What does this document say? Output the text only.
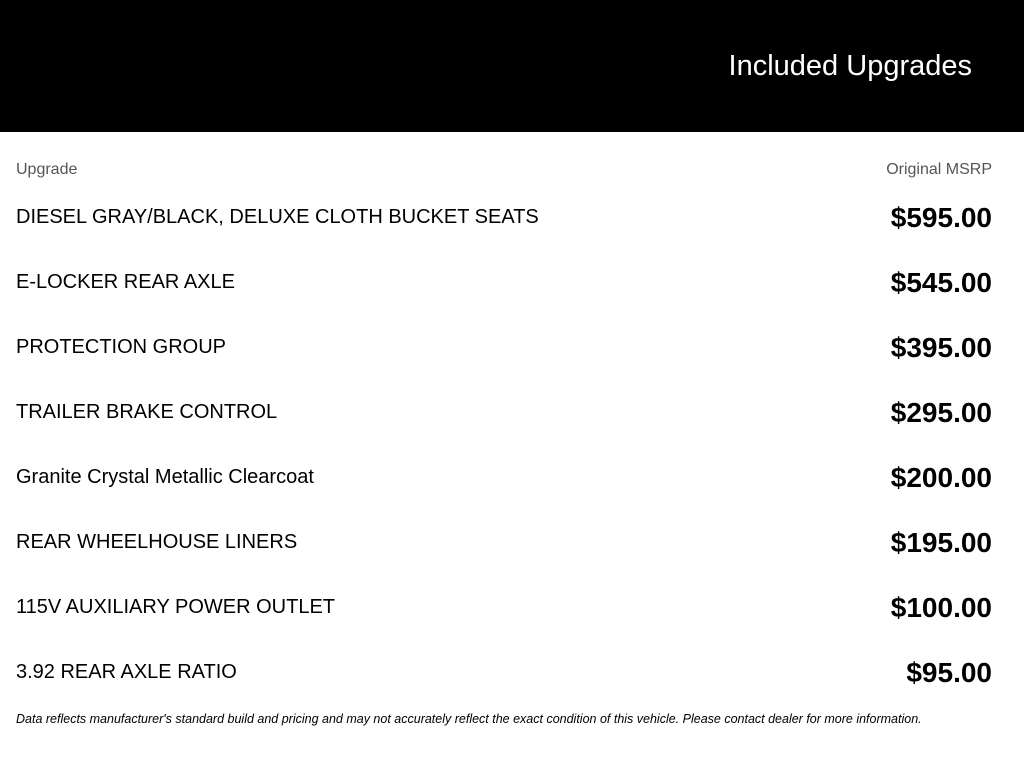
Included Upgrades
Upgrade	Original MSRP
DIESEL GRAY/BLACK, DELUXE CLOTH BUCKET SEATS	$595.00
E-LOCKER REAR AXLE	$545.00
PROTECTION GROUP	$395.00
TRAILER BRAKE CONTROL	$295.00
Granite Crystal Metallic Clearcoat	$200.00
REAR WHEELHOUSE LINERS	$195.00
115V AUXILIARY POWER OUTLET	$100.00
3.92 REAR AXLE RATIO	$95.00

Data reflects manufacturer's standard build and pricing and may not accurately reflect the exact condition of this vehicle. Please contact dealer for more information.
